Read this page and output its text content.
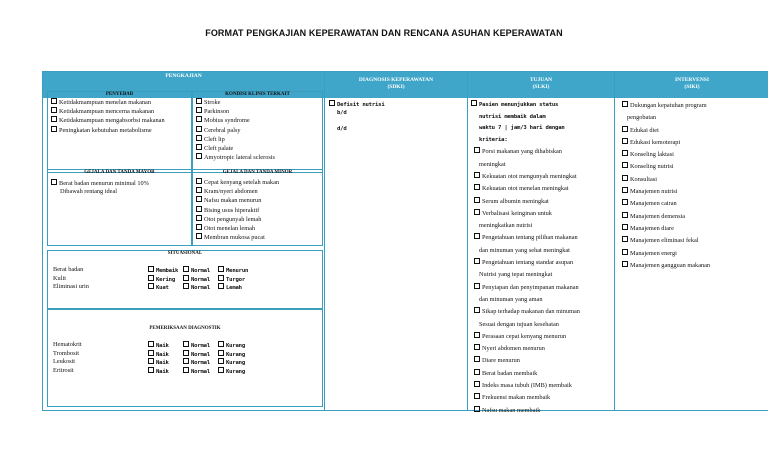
FORMAT PENGKAJIAN KEPERAWATAN DAN RENCANA ASUHAN KEPERAWATAN
PENGKAJIAN
DIAGNOSIS KEPERAWATAN
(SDKI)
TUJUAN
(SLKI)
INTERVENSI
(SIKI)
PENYEBAB
Ketidakmampuan menelan makanan
Ketidakmampuan mencerna makanan
Ketidakmampuan mengabsorbsi makanan
Peningkatan kebutuhan metabolisme
KONDISI KLINIS TERKAIT
Stroke
Parkinson
Mobius syndrome
Cerebral palsy
Cleft lip
Cleft palate
Amyotropic lateral sclerosis
GEJALA DAN TANDA MAYOR
Berat badan menurun minimal 10%
Dibawah rentang ideal
GEJALA DAN TANDA MINOR
Cepat kenyang setelah makan
Kram/nyeri abdomen
Nafsu makan menurun
Bising usus hiperaktif
Otot pengunyah lemah
Otot menelan lemah
Membran mukosa pucat
SITUASIONAL
Berat badan	Membaik	Normal	Menurun
Kulit	Kering	Normal	Turgor
Eliminasi urin	Kuat	Normal	Lemah
PEMERIKSAAN DIAGNOSTIK
Hematokrit	Naik	Normal	Kurang
Trombosit	Naik	Normal	Kurang
Leukosit	Naik	Normal	Kurang
Eritrosit	Naik	Normal	Kurang
Defisit nutrisi
b/d
d/d
Pasien menunjukkan status
nutrisi membaik dalam
waktu 7 | jam/3 hari dengan
kriteria:
Porsi makanan yang dihabiskan
meningkat
Kekuatan otot mengunyah meningkat
Kekuatan otot menelan meningkat
Serum albumin meningkat
Verbalisasi keinginan untuk
meningkatkan nutrisi
Pengetahuan tentang pilihan makanan
dan minuman yang sehat meningkat
Pengetahuan tentang standar asupan
Nutrisi yang tepat meningkat
Penyiapan dan penyimpanan makanan
dan minuman yang aman
Sikap terhadap makanan dan minuman
Sesuai dengan tujuan kesehatan
Perasaan cepat kenyang menurun
Nyeri abdomen menurun
Diare menurun
Berat badan membaik
Indeks masa tubuh (IMB) membaik
Frekuensi makan membaik
Nafsu makan membaik
Dukungan kepatuhan program
pengobatan
Edukai diet
Edukasi kemoterapi
Konseling laktasi
Konseling nutrisi
Konsultasi
Manajemen nutrisi
Manajemen cairan
Manajemen demensia
Manajemen diare
Manajemen eliminasi fekal
Manajemen energi
Manajemen gangguan makanan
